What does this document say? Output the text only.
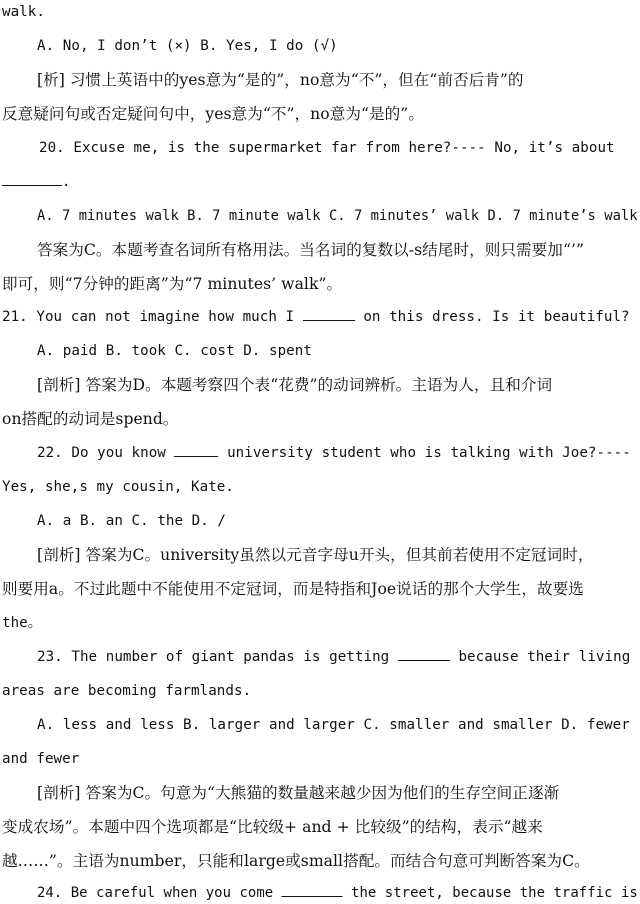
walk.
A. No, I don’t (×) B. Yes, I do (√)
[析] 习惯上英语中的yes意为“是的”，no意为“不”，但在“前否后肯”的
反意疑问句或否定疑问句中，yes意为“不”，no意为“是的”。
20. Excuse me, is the supermarket far from here?---- No, it’s about
.
A. 7 minutes walk B. 7 minute walk C. 7 minutes’ walk D. 7 minute’s walk
答案为C。本题考查名词所有格用法。当名词的复数以-s结尾时，则只需要加“’”
即可，则“7分钟的距离”为“7 minutes’ walk”。
21. You can not imagine how much I	on this dress. Is it beautiful?
A. paid B. took C. cost D. spent
[剖析] 答案为D。本题考察四个表“花费”的动词辨析。主语为人，且和介词
on搭配的动词是spend。
22. Do you know	university student who is talking with Joe?----
Yes, she,s my cousin, Kate.
A. a B. an C. the D. /
[剖析] 答案为C。university虽然以元音字母u开头，但其前若使用不定冠词时，
则要用a。不过此题中不能使用不定冠词，而是特指和Joe说话的那个大学生，故要选
the。
23. The number of giant pandas is getting	because their living
areas are becoming farmlands.
A. less and less B. larger and larger C. smaller and smaller D. fewer
and fewer
[剖析] 答案为C。句意为“大熊猫的数量越来越少因为他们的生存空间正逐渐
变成农场”。本题中四个选项都是“比较级+ and + 比较级”的结构，表示“越来
越……”。主语为number，只能和large或small搭配。而结合句意可判断答案为C。
24. Be careful when you come	the street, because the traffic is
